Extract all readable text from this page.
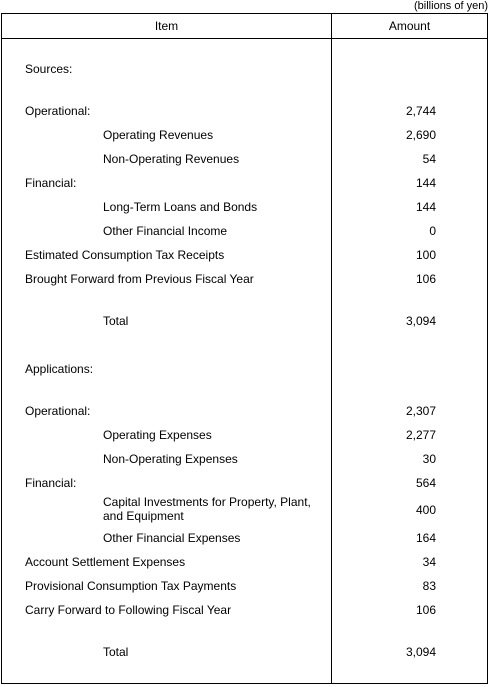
(billions of yen)
Item	Amount
Sources:
Operational:	2,744
Operating Revenues	2,690
Non-Operating Revenues	54
Financial:	144
Long-Term Loans and Bonds	144
Other Financial Income	0
Estimated Consumption Tax Receipts	100
Brought Forward from Previous Fiscal Year	106
Total	3,094
Applications:
Operational:	2,307
Operating Expenses	2,277
Non-Operating Expenses	30
Financial:	564
Capital Investments for Property, Plant, and Equipment	400
Other Financial Expenses	164
Account Settlement Expenses	34
Provisional Consumption Tax Payments	83
Carry Forward to Following Fiscal Year	106
Total	3,094
